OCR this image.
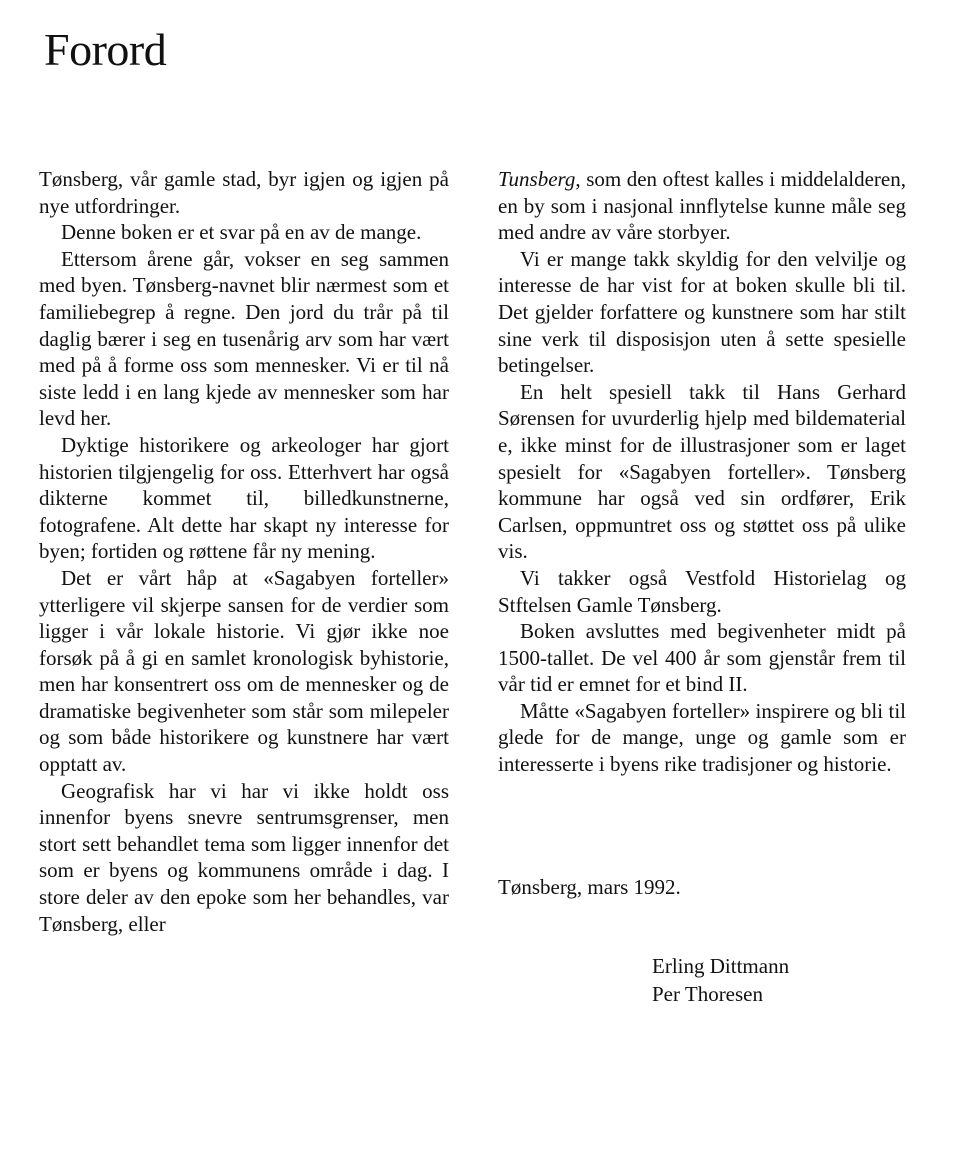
Forord

Tønsberg, vår gamle stad, byr igjen og igjen på nye utfordringer.

Denne boken er et svar på en av de mange.

Ettersom årene går, vokser en seg sammen med byen. Tønsberg-navnet blir nærmest som et familiebegrep å regne. Den jord du trår på til daglig bærer i seg en tusenårig arv som har vært med på å forme oss som mennesker. Vi er til nå siste ledd i en lang kjede av mennesker som har levd her.

Dyktige historikere og arkeologer har gjort historien tilgjengelig for oss. Etterhvert har også dikterne kommet til, billedkunstnerne, fotografene. Alt dette har skapt ny interesse for byen; fortiden og røttene får ny mening.

Det er vårt håp at «Sagabyen forteller» ytterligere vil skjerpe sansen for de verdier som ligger i vår lokale historie. Vi gjør ikke noe forsøk på å gi en samlet kronologisk byhistorie, men har konsentrert oss om de mennesker og de dramatiske begivenheter som står som milepeler og som både historikere og kunstnere har vært opptatt av.

Geografisk har vi har vi ikke holdt oss innenfor byens snevre sentrumsgrenser, men stort sett behandlet tema som ligger innenfor det som er byens og kommunens område i dag. I store deler av den epoke som her behandles, var Tønsberg, eller

Tunsberg, som den oftest kalles i middelalderen, en by som i nasjonal innflytelse kunne måle seg med andre av våre storbyer.

Vi er mange takk skyldig for den velvilje og interesse de har vist for at boken skulle bli til. Det gjelder forfattere og kunstnere som har stilt sine verk til disposisjon uten å sette spesielle betingelser.

En helt spesiell takk til Hans Gerhard Sørensen for uvurderlig hjelp med bildematerial e, ikke minst for de illustrasjoner som er laget spesielt for «Sagabyen forteller». Tønsberg kommune har også ved sin ordfører, Erik Carlsen, oppmuntret oss og støttet oss på ulike vis.

Vi takker også Vestfold Historielag og Stftelsen Gamle Tønsberg.

Boken avsluttes med begivenheter midt på 1500-tallet. De vel 400 år som gjenstår frem til vår tid er emnet for et bind II.

Måtte «Sagabyen forteller» inspirere og bli til glede for de mange, unge og gamle som er interesserte i byens rike tradisjoner og historie.

Tønsberg, mars 1992.

Erling Dittmann
Per Thoresen
